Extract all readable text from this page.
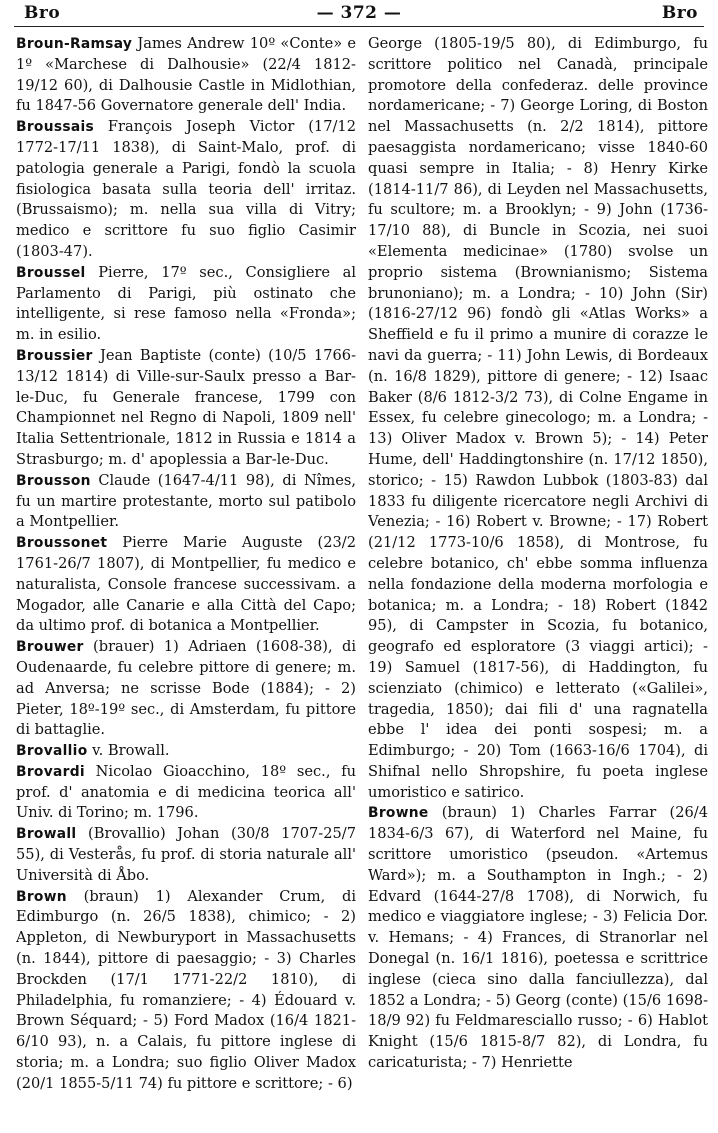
Bro	— 372 —	Bro

Broun-Ramsay James Andrew 10º «Conte» e 1º «Marchese di Dalhousie» (22/4 1812-19/12 60), di Dalhousie Castle in Midlothian, fu 1847-56 Governatore generale dell' India.

Broussais François Joseph Victor (17/12 1772-17/11 1838), di Saint-Malo, prof. di patologia generale a Parigi, fondò la scuola fisiologica basata sulla teoria dell' irritaz. (Brussaismo); m. nella sua villa di Vitry; medico e scrittore fu suo figlio Casimir (1803-47).

Broussel Pierre, 17º sec., Consigliere al Parlamento di Parigi, più ostinato che intelligente, si rese famoso nella «Fronda»; m. in esilio.

Broussier Jean Baptiste (conte) (10/5 1766-13/12 1814) di Ville-sur-Saulx presso a Bar-le-Duc, fu Generale francese, 1799 con Championnet nel Regno di Napoli, 1809 nell' Italia Settentrionale, 1812 in Russia e 1814 a Strasburgo; m. d' apoplessia a Bar-le-Duc.

Brousson Claude (1647-4/11 98), di Nîmes, fu un martire protestante, morto sul patibolo a Montpellier.

Broussonet Pierre Marie Auguste (23/2 1761-26/7 1807), di Montpellier, fu medico e naturalista, Console francese successivam. a Mogador, alle Canarie e alla Città del Capo; da ultimo prof. di botanica a Montpellier.

Brouwer (brauer) 1) Adriaen (1608-38), di Oudenaarde, fu celebre pittore di genere; m. ad Anversa; ne scrisse Bode (1884); - 2) Pieter, 18º-19º sec., di Amsterdam, fu pittore di battaglie.

Brovallio v. Browall.

Brovardi Nicolao Gioacchino, 18º sec., fu prof. d' anatomia e di medicina teorica all' Univ. di Torino; m. 1796.

Browall (Brovallio) Johan (30/8 1707-25/7 55), di Vesterås, fu prof. di storia naturale all' Università di Åbo.

Brown (braun) 1) Alexander Crum, di Edimburgo (n. 26/5 1838), chimico; - 2) Appleton, di Newburyport in Massachusetts (n. 1844), pittore di paesaggio; - 3) Charles Brockden (17/1 1771-22/2 1810), di Philadelphia, fu romanziere; - 4) Édouard v. Brown Séquard; - 5) Ford Madox (16/4 1821-6/10 93), n. a Calais, fu pittore inglese di storia; m. a Londra; suo figlio Oliver Madox (20/1 1855-5/11 74) fu pittore e scrittore; - 6)

George (1805-19/5 80), di Edimburgo, fu scrittore politico nel Canadà, principale promotore della confederaz. delle province nordamericane; - 7) George Loring, di Boston nel Massachusetts (n. 2/2 1814), pittore paesaggista nordamericano; visse 1840-60 quasi sempre in Italia; - 8) Henry Kirke (1814-11/7 86), di Leyden nel Massachusetts, fu scultore; m. a Brooklyn; - 9) John (1736-17/10 88), di Buncle in Scozia, nei suoi «Elementa medicinae» (1780) svolse un proprio sistema (Brownianismo; Sistema brunoniano); m. a Londra; - 10) John (Sir) (1816-27/12 96) fondò gli «Atlas Works» a Sheffield e fu il primo a munire di corazze le navi da guerra; - 11) John Lewis, di Bordeaux (n. 16/8 1829), pittore di genere; - 12) Isaac Baker (8/6 1812-3/2 73), di Colne Engame in Essex, fu celebre ginecologo; m. a Londra; - 13) Oliver Madox v. Brown 5); - 14) Peter Hume, dell' Haddingtonshire (n. 17/12 1850), storico; - 15) Rawdon Lubbok (1803-83) dal 1833 fu diligente ricercatore negli Archivi di Venezia; - 16) Robert v. Browne; - 17) Robert (21/12 1773-10/6 1858), di Montrose, fu celebre botanico, ch' ebbe somma influenza nella fondazione della moderna morfologia e botanica; m. a Londra; - 18) Robert (1842 95), di Campster in Scozia, fu botanico, geografo ed esploratore (3 viaggi artici); - 19) Samuel (1817-56), di Haddington, fu scienziato (chimico) e letterato («Galilei», tragedia, 1850); dai fili d' una ragnatella ebbe l' idea dei ponti sospesi; m. a Edimburgo; - 20) Tom (1663-16/6 1704), di Shifnal nello Shropshire, fu poeta inglese umoristico e satirico.

Browne (braun) 1) Charles Farrar (26/4 1834-6/3 67), di Waterford nel Maine, fu scrittore umoristico (pseudon. «Artemus Ward»); m. a Southampton in Ingh.; - 2) Edvard (1644-27/8 1708), di Norwich, fu medico e viaggiatore inglese; - 3) Felicia Dor. v. Hemans; - 4) Frances, di Stranorlar nel Donegal (n. 16/1 1816), poetessa e scrittrice inglese (cieca sino dalla fanciullezza), dal 1852 a Londra; - 5) Georg (conte) (15/6 1698-18/9 92) fu Feldmaresciallo russo; - 6) Hablot Knight (15/6 1815-8/7 82), di Londra, fu caricaturista; - 7) Henriette
